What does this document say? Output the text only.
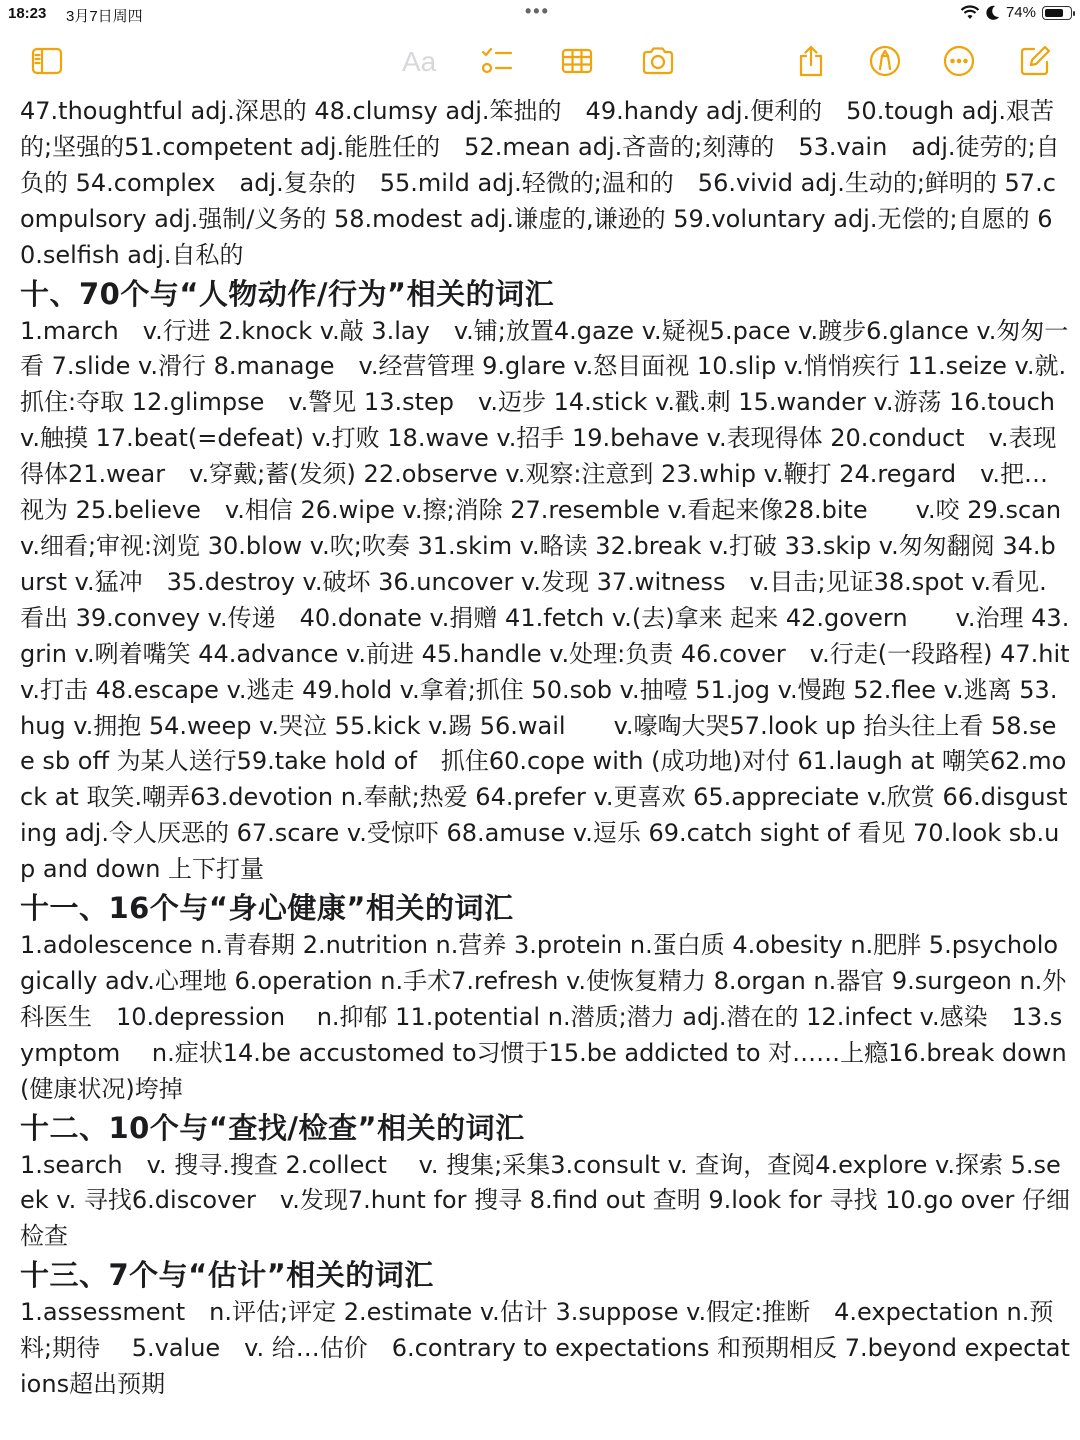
18:23 3月7日周四	•••	74%
Aa

47.thoughtful adj.深思的 48.clumsy adj.笨拙的　49.handy adj.便利的　50.tough adj.艰苦的;坚强的51.competent adj.能胜任的　52.mean adj.吝啬的;刻薄的　53.vain　adj.徒劳的;自负的 54.complex　adj.复杂的　55.mild adj.轻微的;温和的　56.vivid adj.生动的;鲜明的 57.compulsory adj.强制/义务的 58.modest adj.谦虚的,谦逊的 59.voluntary adj.无偿的;自愿的 60.selfish adj.自私的

十、70个与“人物动作/行为”相关的词汇

1.march　v.行进 2.knock v.敲 3.lay　v.铺;放置4.gaze v.疑视5.pace v.踱步6.glance v.匆匆一看 7.slide v.滑行 8.manage　v.经营管理 9.glare v.怒目面视 10.slip v.悄悄疾行 11.seize v.就.抓住:夺取 12.glimpse　v.警见 13.step　v.迈步 14.stick v.戳.刺 15.wander v.游荡 16.touch v.触摸 17.beat(=defeat) v.打败 18.wave v.招手 19.behave v.表现得体 20.conduct　v.表现得体21.wear　v.穿戴;蓄(发须) 22.observe v.观察:注意到 23.whip v.鞭打 24.regard　v.把…视为 25.believe　v.相信 26.wipe v.擦;消除 27.resemble v.看起来像28.bite　　v.咬 29.scan v.细看;审视:浏览 30.blow v.吹;吹奏 31.skim v.略读 32.break v.打破 33.skip v.匆匆翻阅 34.burst v.猛冲　35.destroy v.破坏 36.uncover v.发现 37.witness　v.目击;见证38.spot v.看见.看出 39.convey v.传递　40.donate v.捐赠 41.fetch v.(去)拿来 起来 42.govern　　v.治理 43.grin v.咧着嘴笑 44.advance v.前进 45.handle v.处理:负责 46.cover　v.行走(一段路程) 47.hit v.打击 48.escape v.逃走 49.hold v.拿着;抓住 50.sob v.抽噎 51.jog v.慢跑 52.flee v.逃离 53.hug v.拥抱 54.weep v.哭泣 55.kick v.踢 56.wail　　v.嚎啕大哭57.look up 抬头往上看 58.see sb off 为某人送行59.take hold of　抓住60.cope with (成功地)对付 61.laugh at 嘲笑62.mock at 取笑.嘲弄63.devotion n.奉献;热爱 64.prefer v.更喜欢 65.appreciate v.欣赏 66.disgusting adj.令人厌恶的 67.scare v.受惊吓 68.amuse v.逗乐 69.catch sight of 看见 70.look sb.up and down 上下打量

十一、16个与“身心健康”相关的词汇

1.adolescence n.青春期 2.nutrition n.营养 3.protein n.蛋白质 4.obesity n.肥胖 5.psychologically adv.心理地 6.operation n.手术7.refresh v.使恢复精力 8.organ n.器官 9.surgeon n.外科医生　10.depression　 n.抑郁 11.potential n.潜质;潜力 adj.潜在的 12.infect v.感染　13.symptom　 n.症状14.be accustomed to习惯于15.be addicted to 对……上瘾16.break down(健康状况)垮掉

十二、10个与“查找/检查”相关的词汇

1.search　v. 搜寻.搜查 2.collect　 v. 搜集;采集3.consult v. 查询，查阅4.explore v.探索 5.seek v. 寻找6.discover　v.发现7.hunt for 搜寻 8.find out 查明 9.look for 寻找 10.go over 仔细检查

十三、7个与“估计”相关的词汇

1.assessment　n.评估;评定 2.estimate v.估计 3.suppose v.假定:推断　4.expectation n.预料;期待　 5.value　v. 给…估价　6.contrary to expectations 和预期相反 7.beyond expectations超出预期
